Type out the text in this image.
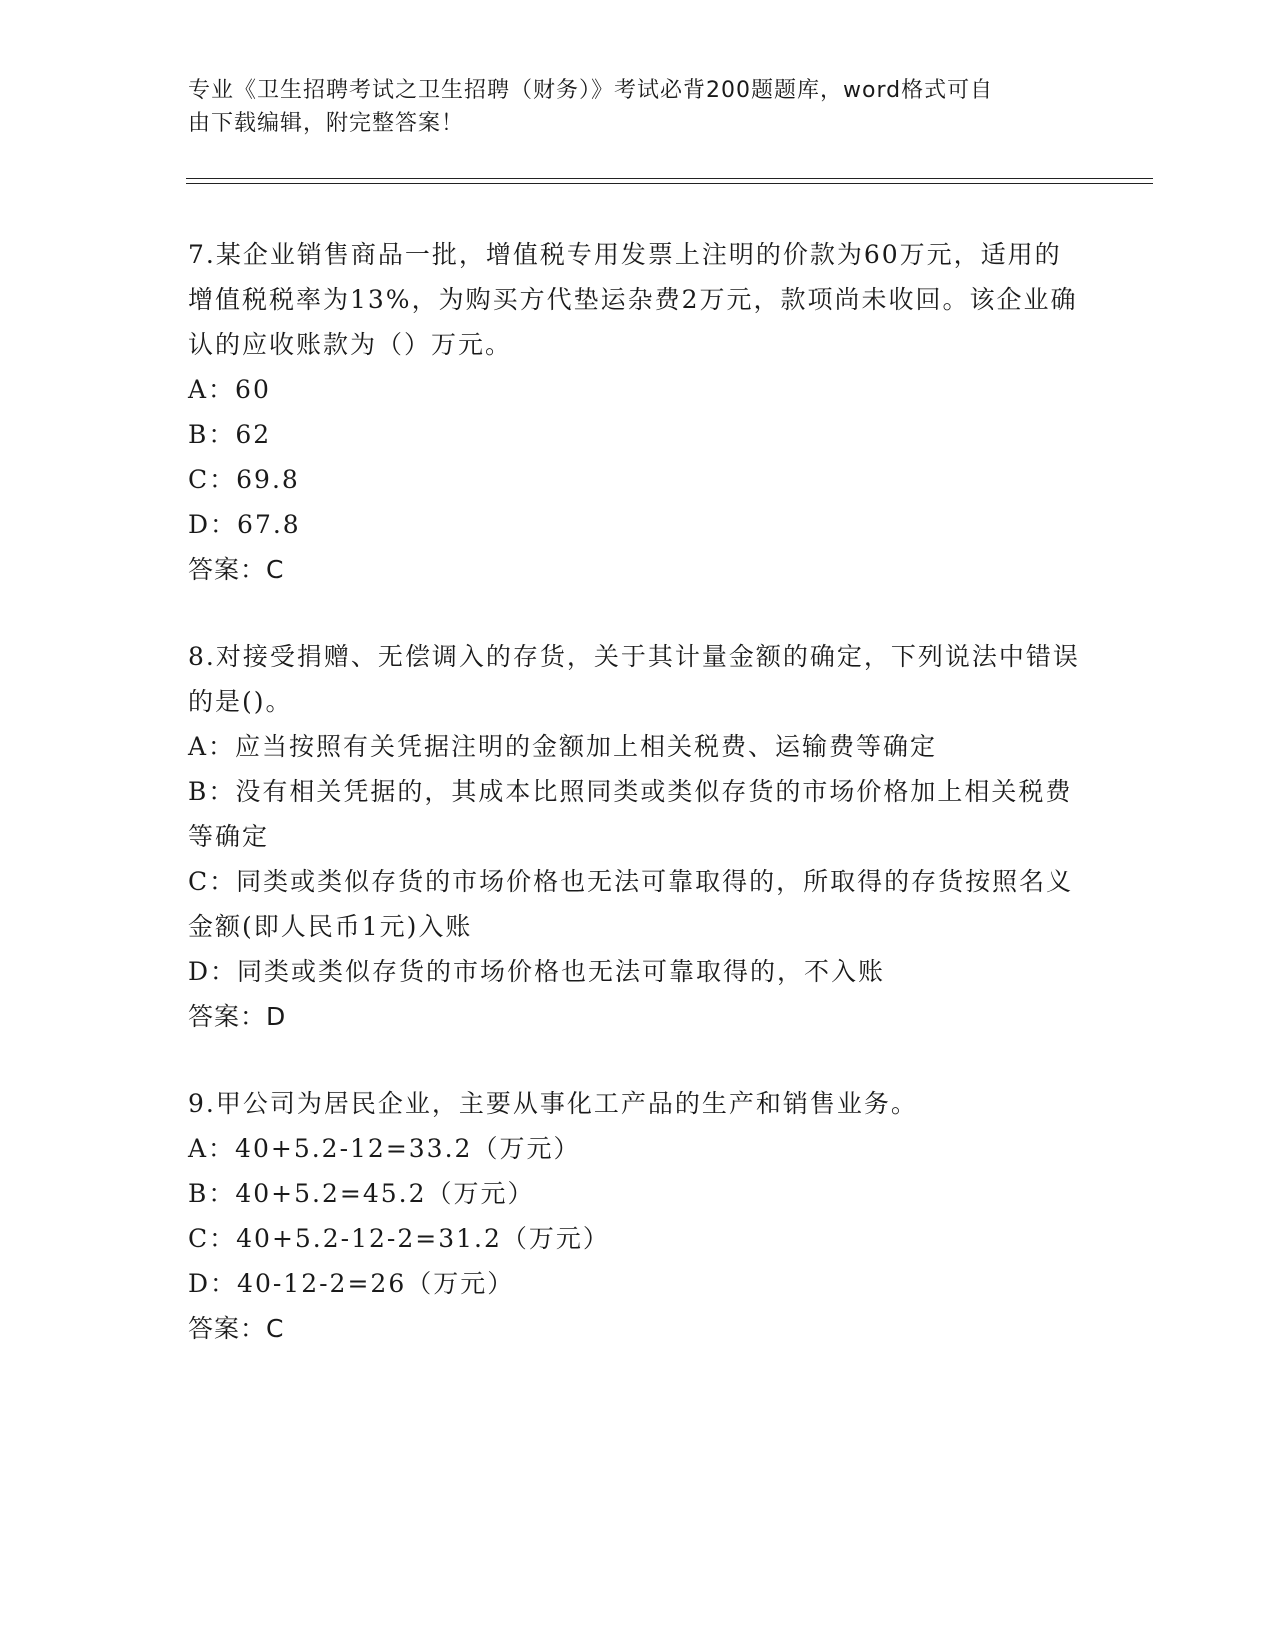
专业《卫生招聘考试之卫生招聘（财务）》考试必背200题题库，word格式可自
由下载编辑，附完整答案！

7.某企业销售商品一批，增值税专用发票上注明的价款为60万元，适用的增值税税率为13%，为购买方代垫运杂费2万元，款项尚未收回。该企业确认的应收账款为（）万元。

A：60

B：62

C：69.8

D：67.8

答案：C

8.对接受捐赠、无偿调入的存货，关于其计量金额的确定，下列说法中错误的是()。

A：应当按照有关凭据注明的金额加上相关税费、运输费等确定

B：没有相关凭据的，其成本比照同类或类似存货的市场价格加上相关税费等确定

C：同类或类似存货的市场价格也无法可靠取得的，所取得的存货按照名义金额(即人民币1元)入账

D：同类或类似存货的市场价格也无法可靠取得的，不入账

答案：D

9.甲公司为居民企业，主要从事化工产品的生产和销售业务。

A：40+5.2-12=33.2（万元）

B：40+5.2=45.2（万元）

C：40+5.2-12-2=31.2（万元）

D：40-12-2=26（万元）

答案：C
